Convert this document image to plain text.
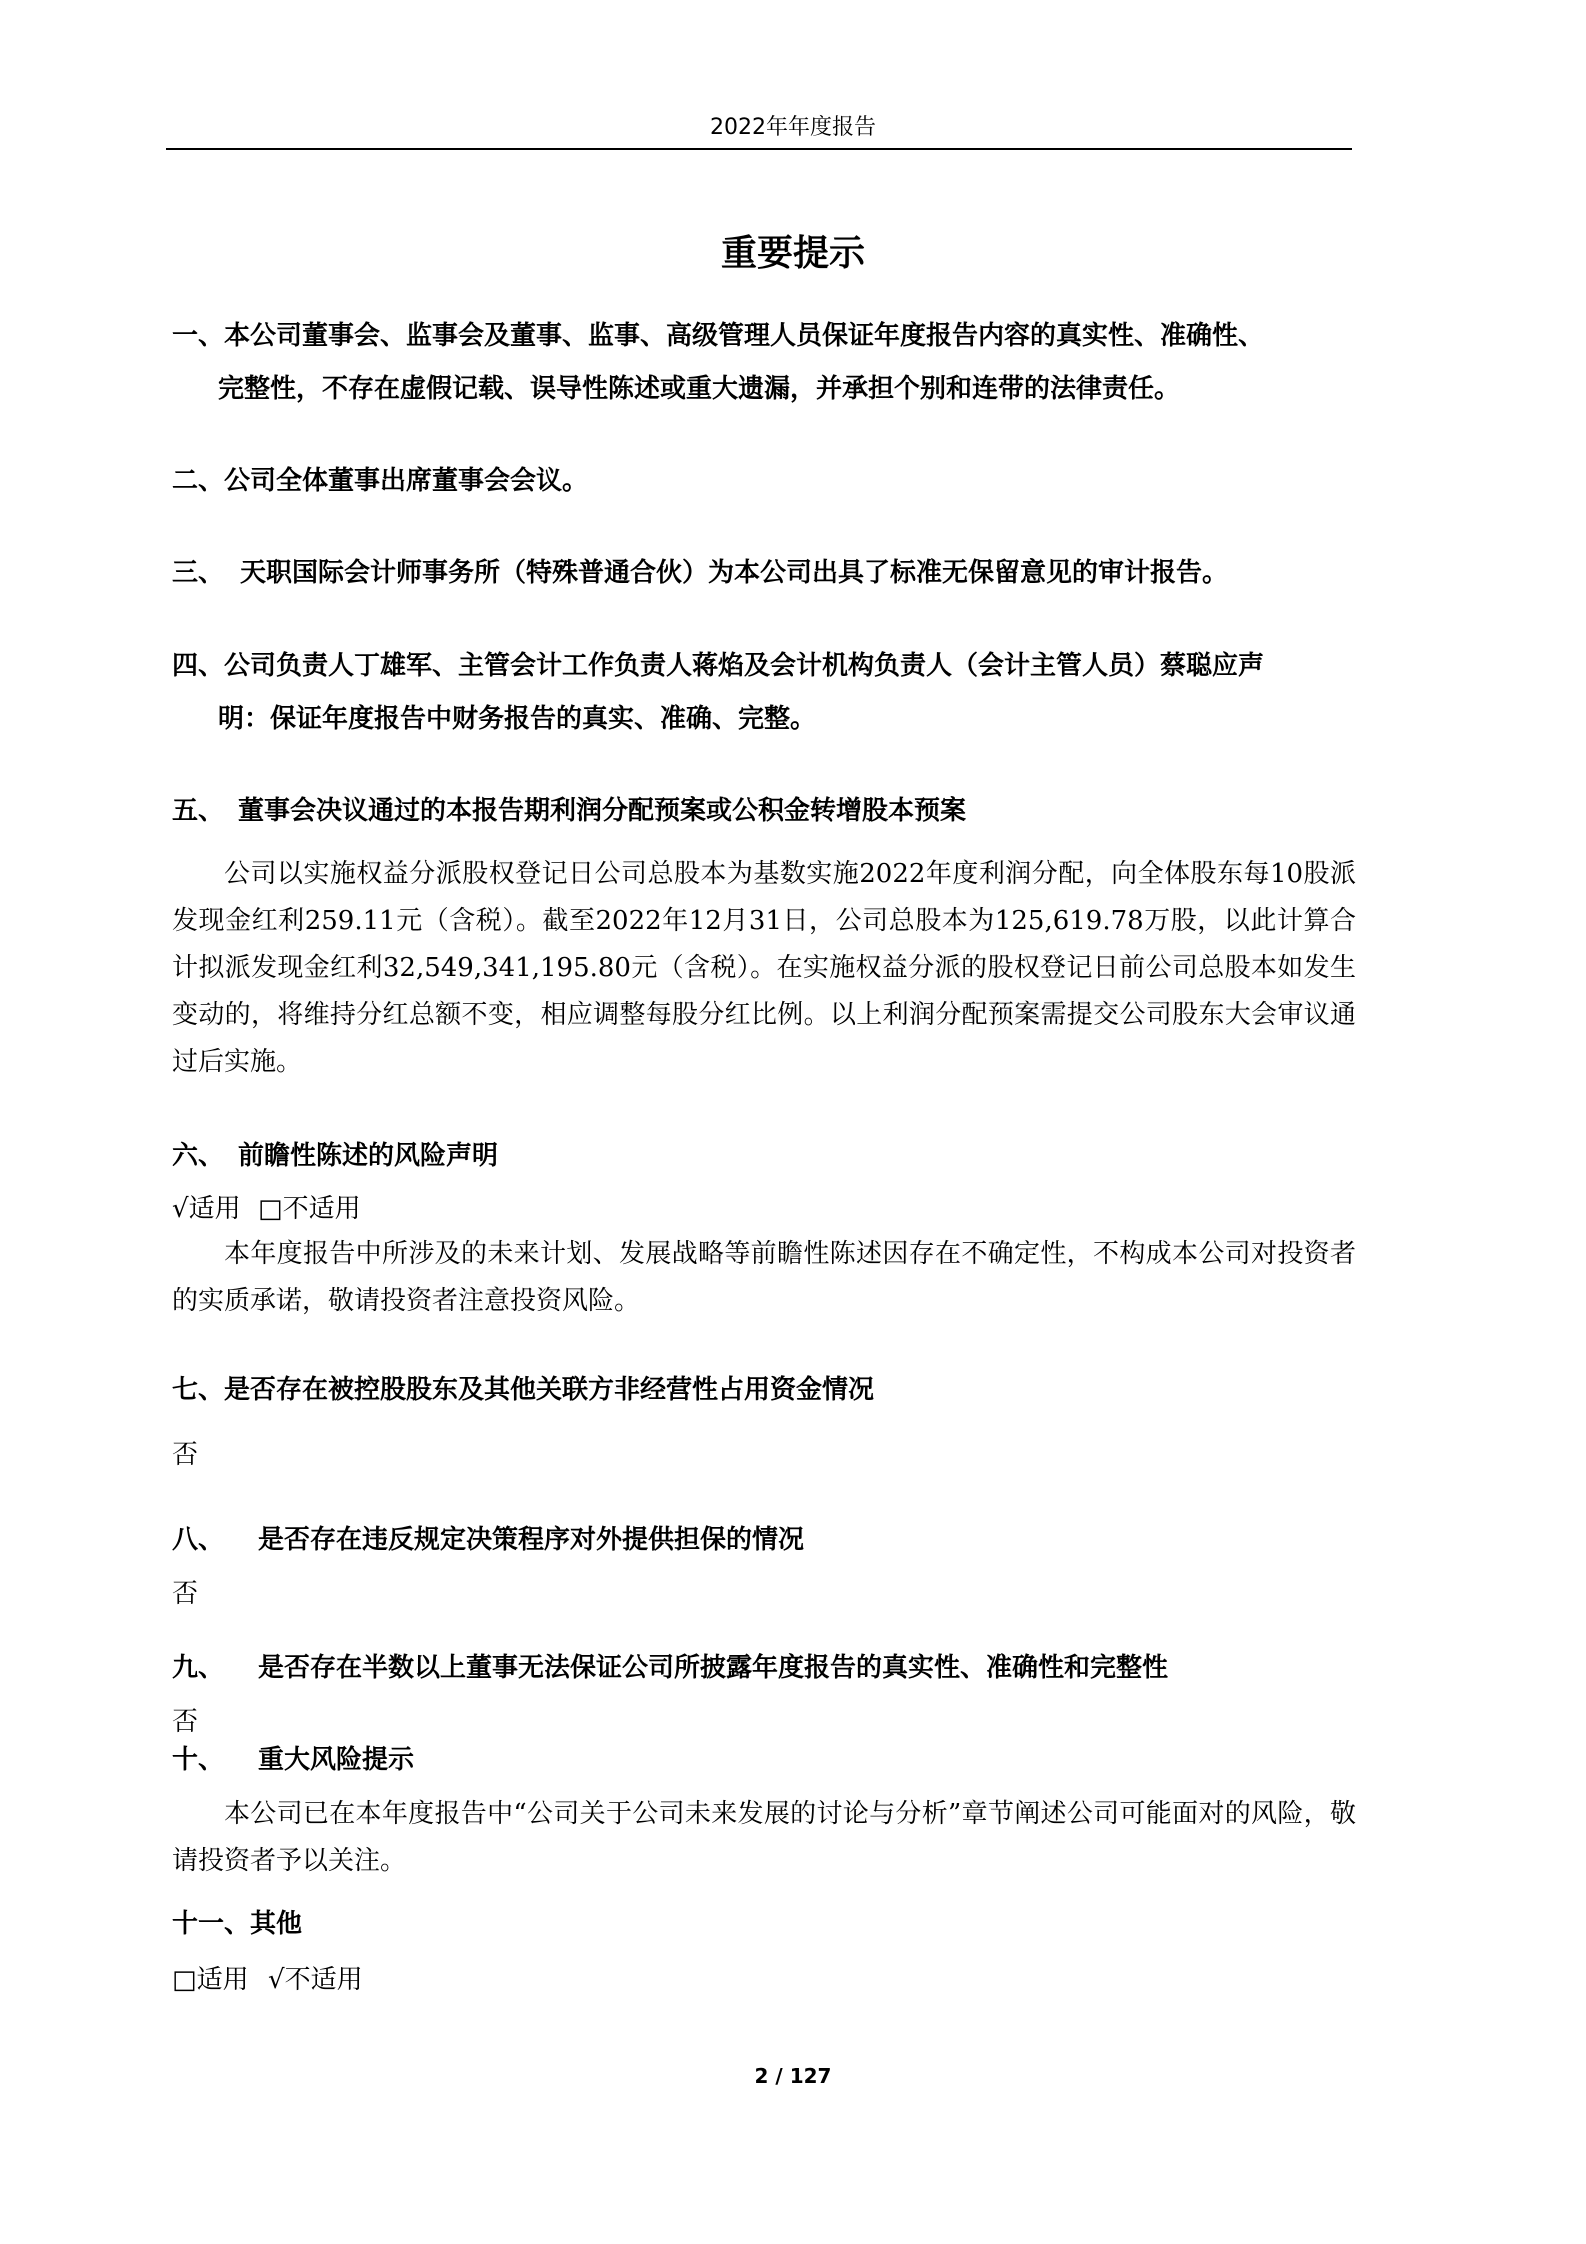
2022年年度报告
重要提示
一、本公司董事会、监事会及董事、监事、高级管理人员保证年度报告内容的真实性、准确性、
完整性，不存在虚假记载、误导性陈述或重大遗漏，并承担个别和连带的法律责任。
二、公司全体董事出席董事会会议。
三、 天职国际会计师事务所（特殊普通合伙）为本公司出具了标准无保留意见的审计报告。
四、公司负责人丁雄军、主管会计工作负责人蒋焰及会计机构负责人（会计主管人员）蔡聪应声
明：保证年度报告中财务报告的真实、准确、完整。
五、 董事会决议通过的本报告期利润分配预案或公积金转增股本预案

公司以实施权益分派股权登记日公司总股本为基数实施2022年度利润分配，向全体股东每10股派发现金红利259.11元（含税）。截至2022年12月31日，公司总股本为125,619.78万股，以此计算合计拟派发现金红利32,549,341,195.80元（含税）。在实施权益分派的股权登记日前公司总股本如发生变动的，将维持分红总额不变，相应调整每股分红比例。以上利润分配预案需提交公司股东大会审议通过后实施。

六、 前瞻性陈述的风险声明
√适用 □不适用

本年度报告中所涉及的未来计划、发展战略等前瞻性陈述因存在不确定性，不构成本公司对投资者的实质承诺，敬请投资者注意投资风险。

七、是否存在被控股股东及其他关联方非经营性占用资金情况
否
八、 是否存在违反规定决策程序对外提供担保的情况
否
九、 是否存在半数以上董事无法保证公司所披露年度报告的真实性、准确性和完整性
否
十、 重大风险提示

本公司已在本年度报告中“公司关于公司未来发展的讨论与分析”章节阐述公司可能面对的风险，敬请投资者予以关注。

十一、其他
□适用 √不适用
2 / 127
